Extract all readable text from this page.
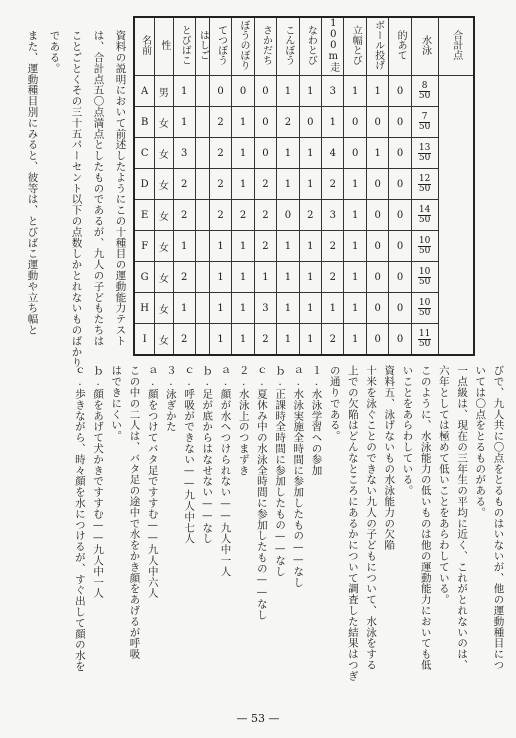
名前	性	とびばこ	はしご	てつぼう	ぼうのぼり	さかだち	こんぼう	なわとび	100m走	立幅とび	ボール投げ	的あて	水泳	合計点
A	男	1		0	0	0	1	1	3	1	1	0	$\frac{8}{50}$

B	女	1		2	1	0	2	0	1	0	0	0	$\frac{7}{50}$

C	女	3		2	1	0	1	1	4	0	1	0	$\frac{13}{50}$

D	女	2		2	1	2	1	1	2	1	0	0	$\frac{12}{50}$

E	女	2		2	2	2	0	2	3	1	0	0	$\frac{14}{50}$

F	女	1		1	1	2	1	1	2	1	0	0	$\frac{10}{50}$

G	女	2		1	1	1	1	1	2	1	0	0	$\frac{10}{50}$

H	女	1		1	1	3	1	1	1	1	0	0	$\frac{10}{50}$

I	女	2		1	1	2	1	1	2	1	0	0	$\frac{11}{50}$
資料の説明において前述したようにこの十種目の運動能力テスト
は、合計点五〇点満点としたものであるが、九人の子どもたちは
ことごとくその三十五パーセント以下の点数しかとれないものばかり
である。
また、運動種目別にみると、彼等は、とびばこ運動や立ち幅と
びで、九人共に〇点をとるものはいないが、他の運動種目につ
いては〇点をとるものがある。
一点級は、現在の三年生の平均に近く、これがとれないのは、
六年としては極めて低いことをあらわしている。
このように、水泳能力の低いものは他の運動能力においても低
いことをあらわしている。
資料五、泳げないもの水泳能力の欠陥
十米を泳ぐことのできない九人の子どもについて、水泳をする
上での欠陥はどんなところにあるかについて調査した結果はつぎ
の通りである。
１.水泳学習への参加
ａ.水泳実施全時間に参加したもの——なし
ｂ.正課時全時間に参加したもの——なし
ｃ.夏休み中の水泳全時間に参加したもの——なし
２.水泳上のつまずき
ａ.顔が水へつけられない——九人中一人
ｂ.足が底からはなせない——なし
ｃ.呼吸ができない——九人中七人
３.泳ぎかた
ａ.顔をつけてバタ足ですすむ——九人中六人
この中の二人は、バタ足の途中で水をかき顔をあげるが呼吸
はできにくい。
ｂ.顔をあげて犬かきですすむ——九人中一人
ｃ.歩きながら、時々顔を水につけるが、すぐ出して顔の水を
— 53 —
